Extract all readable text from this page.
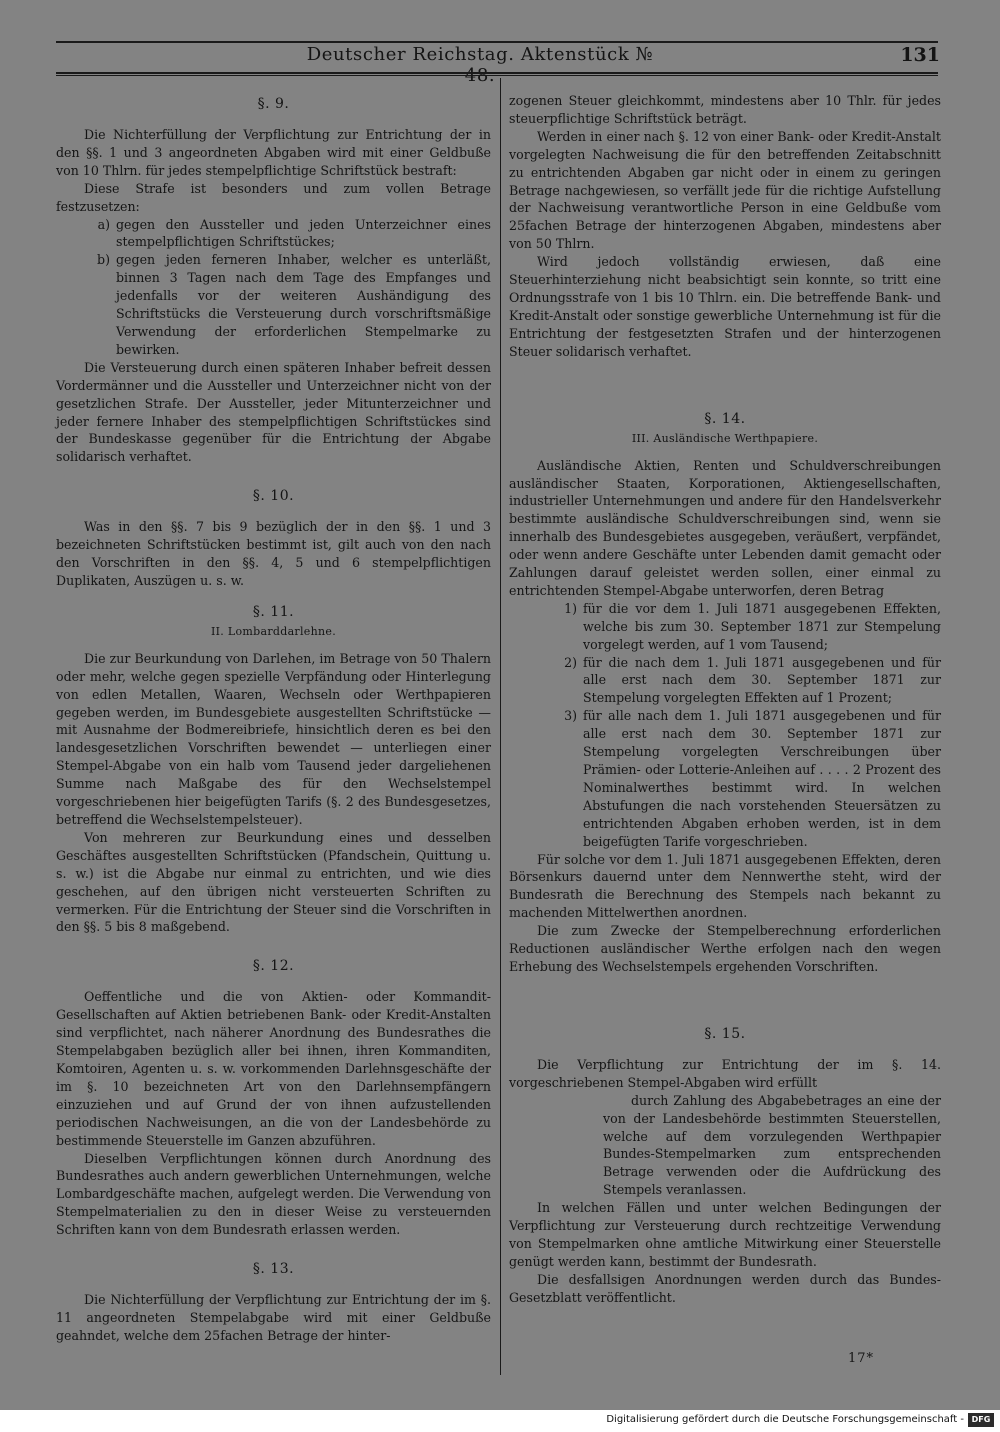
Deutscher Reichstag. Aktenstück № 48.
131
§. 9.

Die Nichterfüllung der Verpflichtung zur Entrichtung der in den §§. 1 und 3 angeordneten Abgaben wird mit einer Geldbuße von 10 Thlrn. für jedes stempelpflichtige Schriftstück bestraft:

Diese Strafe ist besonders und zum vollen Betrage festzusetzen:

a) gegen den Aussteller und jeden Unterzeichner eines stempelpflichtigen Schriftstückes;
b) gegen jeden ferneren Inhaber, welcher es unterläßt, binnen 3 Tagen nach dem Tage des Empfanges und jedenfalls vor der weiteren Aushändigung des Schriftstücks die Versteuerung durch vorschriftsmäßige Verwendung der erforderlichen Stempelmarke zu bewirken.

Die Versteuerung durch einen späteren Inhaber befreit dessen Vordermänner und die Aussteller und Unterzeichner nicht von der gesetzlichen Strafe. Der Aussteller, jeder Mitunterzeichner und jeder fernere Inhaber des stempelpflichtigen Schriftstückes sind der Bundeskasse gegenüber für die Entrichtung der Abgabe solidarisch verhaftet.

§. 10.

Was in den §§. 7 bis 9 bezüglich der in den §§. 1 und 3 bezeichneten Schriftstücken bestimmt ist, gilt auch von den nach den Vorschriften in den §§. 4, 5 und 6 stempelpflichtigen Duplikaten, Auszügen u. s. w.

§. 11.
II. Lombarddarlehne.

Die zur Beurkundung von Darlehen, im Betrage von 50 Thalern oder mehr, welche gegen spezielle Verpfändung oder Hinterlegung von edlen Metallen, Waaren, Wechseln oder Werthpapieren gegeben werden, im Bundesgebiete ausgestellten Schriftstücke — mit Ausnahme der Bodmereibriefe, hinsichtlich deren es bei den landesgesetzlichen Vorschriften bewendet — unterliegen einer Stempel-Abgabe von ein halb vom Tausend jeder dargeliehenen Summe nach Maßgabe des für den Wechselstempel vorgeschriebenen hier beigefügten Tarifs (§. 2 des Bundesgesetzes, betreffend die Wechselstempelsteuer).

Von mehreren zur Beurkundung eines und desselben Geschäftes ausgestellten Schriftstücken (Pfandschein, Quittung u. s. w.) ist die Abgabe nur einmal zu entrichten, und wie dies geschehen, auf den übrigen nicht versteuerten Schriften zu vermerken. Für die Entrichtung der Steuer sind die Vorschriften in den §§. 5 bis 8 maßgebend.

§. 12.

Oeffentliche und die von Aktien- oder Kommandit-Gesellschaften auf Aktien betriebenen Bank- oder Kredit-Anstalten sind verpflichtet, nach näherer Anordnung des Bundesrathes die Stempelabgaben bezüglich aller bei ihnen, ihren Kommanditen, Komtoiren, Agenten u. s. w. vorkommenden Darlehnsgeschäfte der im §. 10 bezeichneten Art von den Darlehnsempfängern einzuziehen und auf Grund der von ihnen aufzustellenden periodischen Nachweisungen, an die von der Landesbehörde zu bestimmende Steuerstelle im Ganzen abzuführen.

Dieselben Verpflichtungen können durch Anordnung des Bundesrathes auch andern gewerblichen Unternehmungen, welche Lombardgeschäfte machen, aufgelegt werden. Die Verwendung von Stempelmaterialien zu den in dieser Weise zu versteuernden Schriften kann von dem Bundesrath erlassen werden.

§. 13.

Die Nichterfüllung der Verpflichtung zur Entrichtung der im §. 11 angeordneten Stempelabgabe wird mit einer Geldbuße geahndet, welche dem 25fachen Betrage der hinter-

zogenen Steuer gleichkommt, mindestens aber 10 Thlr. für jedes steuerpflichtige Schriftstück beträgt.

Werden in einer nach §. 12 von einer Bank- oder Kredit-Anstalt vorgelegten Nachweisung die für den betreffenden Zeitabschnitt zu entrichtenden Abgaben gar nicht oder in einem zu geringen Betrage nachgewiesen, so verfällt jede für die richtige Aufstellung der Nachweisung verantwortliche Person in eine Geldbuße vom 25fachen Betrage der hinterzogenen Abgaben, mindestens aber von 50 Thlrn.

Wird jedoch vollständig erwiesen, daß eine Steuerhinterziehung nicht beabsichtigt sein konnte, so tritt eine Ordnungsstrafe von 1 bis 10 Thlrn. ein. Die betreffende Bank- und Kredit-Anstalt oder sonstige gewerbliche Unternehmung ist für die Entrichtung der festgesetzten Strafen und der hinterzogenen Steuer solidarisch verhaftet.

§. 14.
III. Ausländische Werthpapiere.

Ausländische Aktien, Renten und Schuldverschreibungen ausländischer Staaten, Korporationen, Aktiengesellschaften, industrieller Unternehmungen und andere für den Handelsverkehr bestimmte ausländische Schuldverschreibungen sind, wenn sie innerhalb des Bundesgebietes ausgegeben, veräußert, verpfändet, oder wenn andere Geschäfte unter Lebenden damit gemacht oder Zahlungen darauf geleistet werden sollen, einer einmal zu entrichtenden Stempel-Abgabe unterworfen, deren Betrag

1) für die vor dem 1. Juli 1871 ausgegebenen Effekten, welche bis zum 30. September 1871 zur Stempelung vorgelegt werden, auf 1 vom Tausend;
2) für die nach dem 1. Juli 1871 ausgegebenen und für alle erst nach dem 30. September 1871 zur Stempelung vorgelegten Effekten auf 1 Prozent;
3) für alle nach dem 1. Juli 1871 ausgegebenen und für alle erst nach dem 30. September 1871 zur Stempelung vorgelegten Verschreibungen über Prämien- oder Lotterie-Anleihen auf . . . . 2 Prozent des Nominalwerthes bestimmt wird. In welchen Abstufungen die nach vorstehenden Steuersätzen zu entrichtenden Abgaben erhoben werden, ist in dem beigefügten Tarife vorgeschrieben.

Für solche vor dem 1. Juli 1871 ausgegebenen Effekten, deren Börsenkurs dauernd unter dem Nennwerthe steht, wird der Bundesrath die Berechnung des Stempels nach bekannt zu machenden Mittelwerthen anordnen.

Die zum Zwecke der Stempelberechnung erforderlichen Reductionen ausländischer Werthe erfolgen nach den wegen Erhebung des Wechselstempels ergehenden Vorschriften.

§. 15.

Die Verpflichtung zur Entrichtung der im §. 14. vorgeschriebenen Stempel-Abgaben wird erfüllt

durch Zahlung des Abgabebetrages an eine der von der Landesbehörde bestimmten Steuerstellen, welche auf dem vorzulegenden Werthpapier Bundes-Stempelmarken zum entsprechenden Betrage verwenden oder die Aufdrückung des Stempels veranlassen.

In welchen Fällen und unter welchen Bedingungen der Verpflichtung zur Versteuerung durch rechtzeitige Verwendung von Stempelmarken ohne amtliche Mitwirkung einer Steuerstelle genügt werden kann, bestimmt der Bundesrath.

Die desfallsigen Anordnungen werden durch das Bundes-Gesetzblatt veröffentlicht.

17*
Digitalisierung gefördert durch die Deutsche Forschungsgemeinschaft - DFG
